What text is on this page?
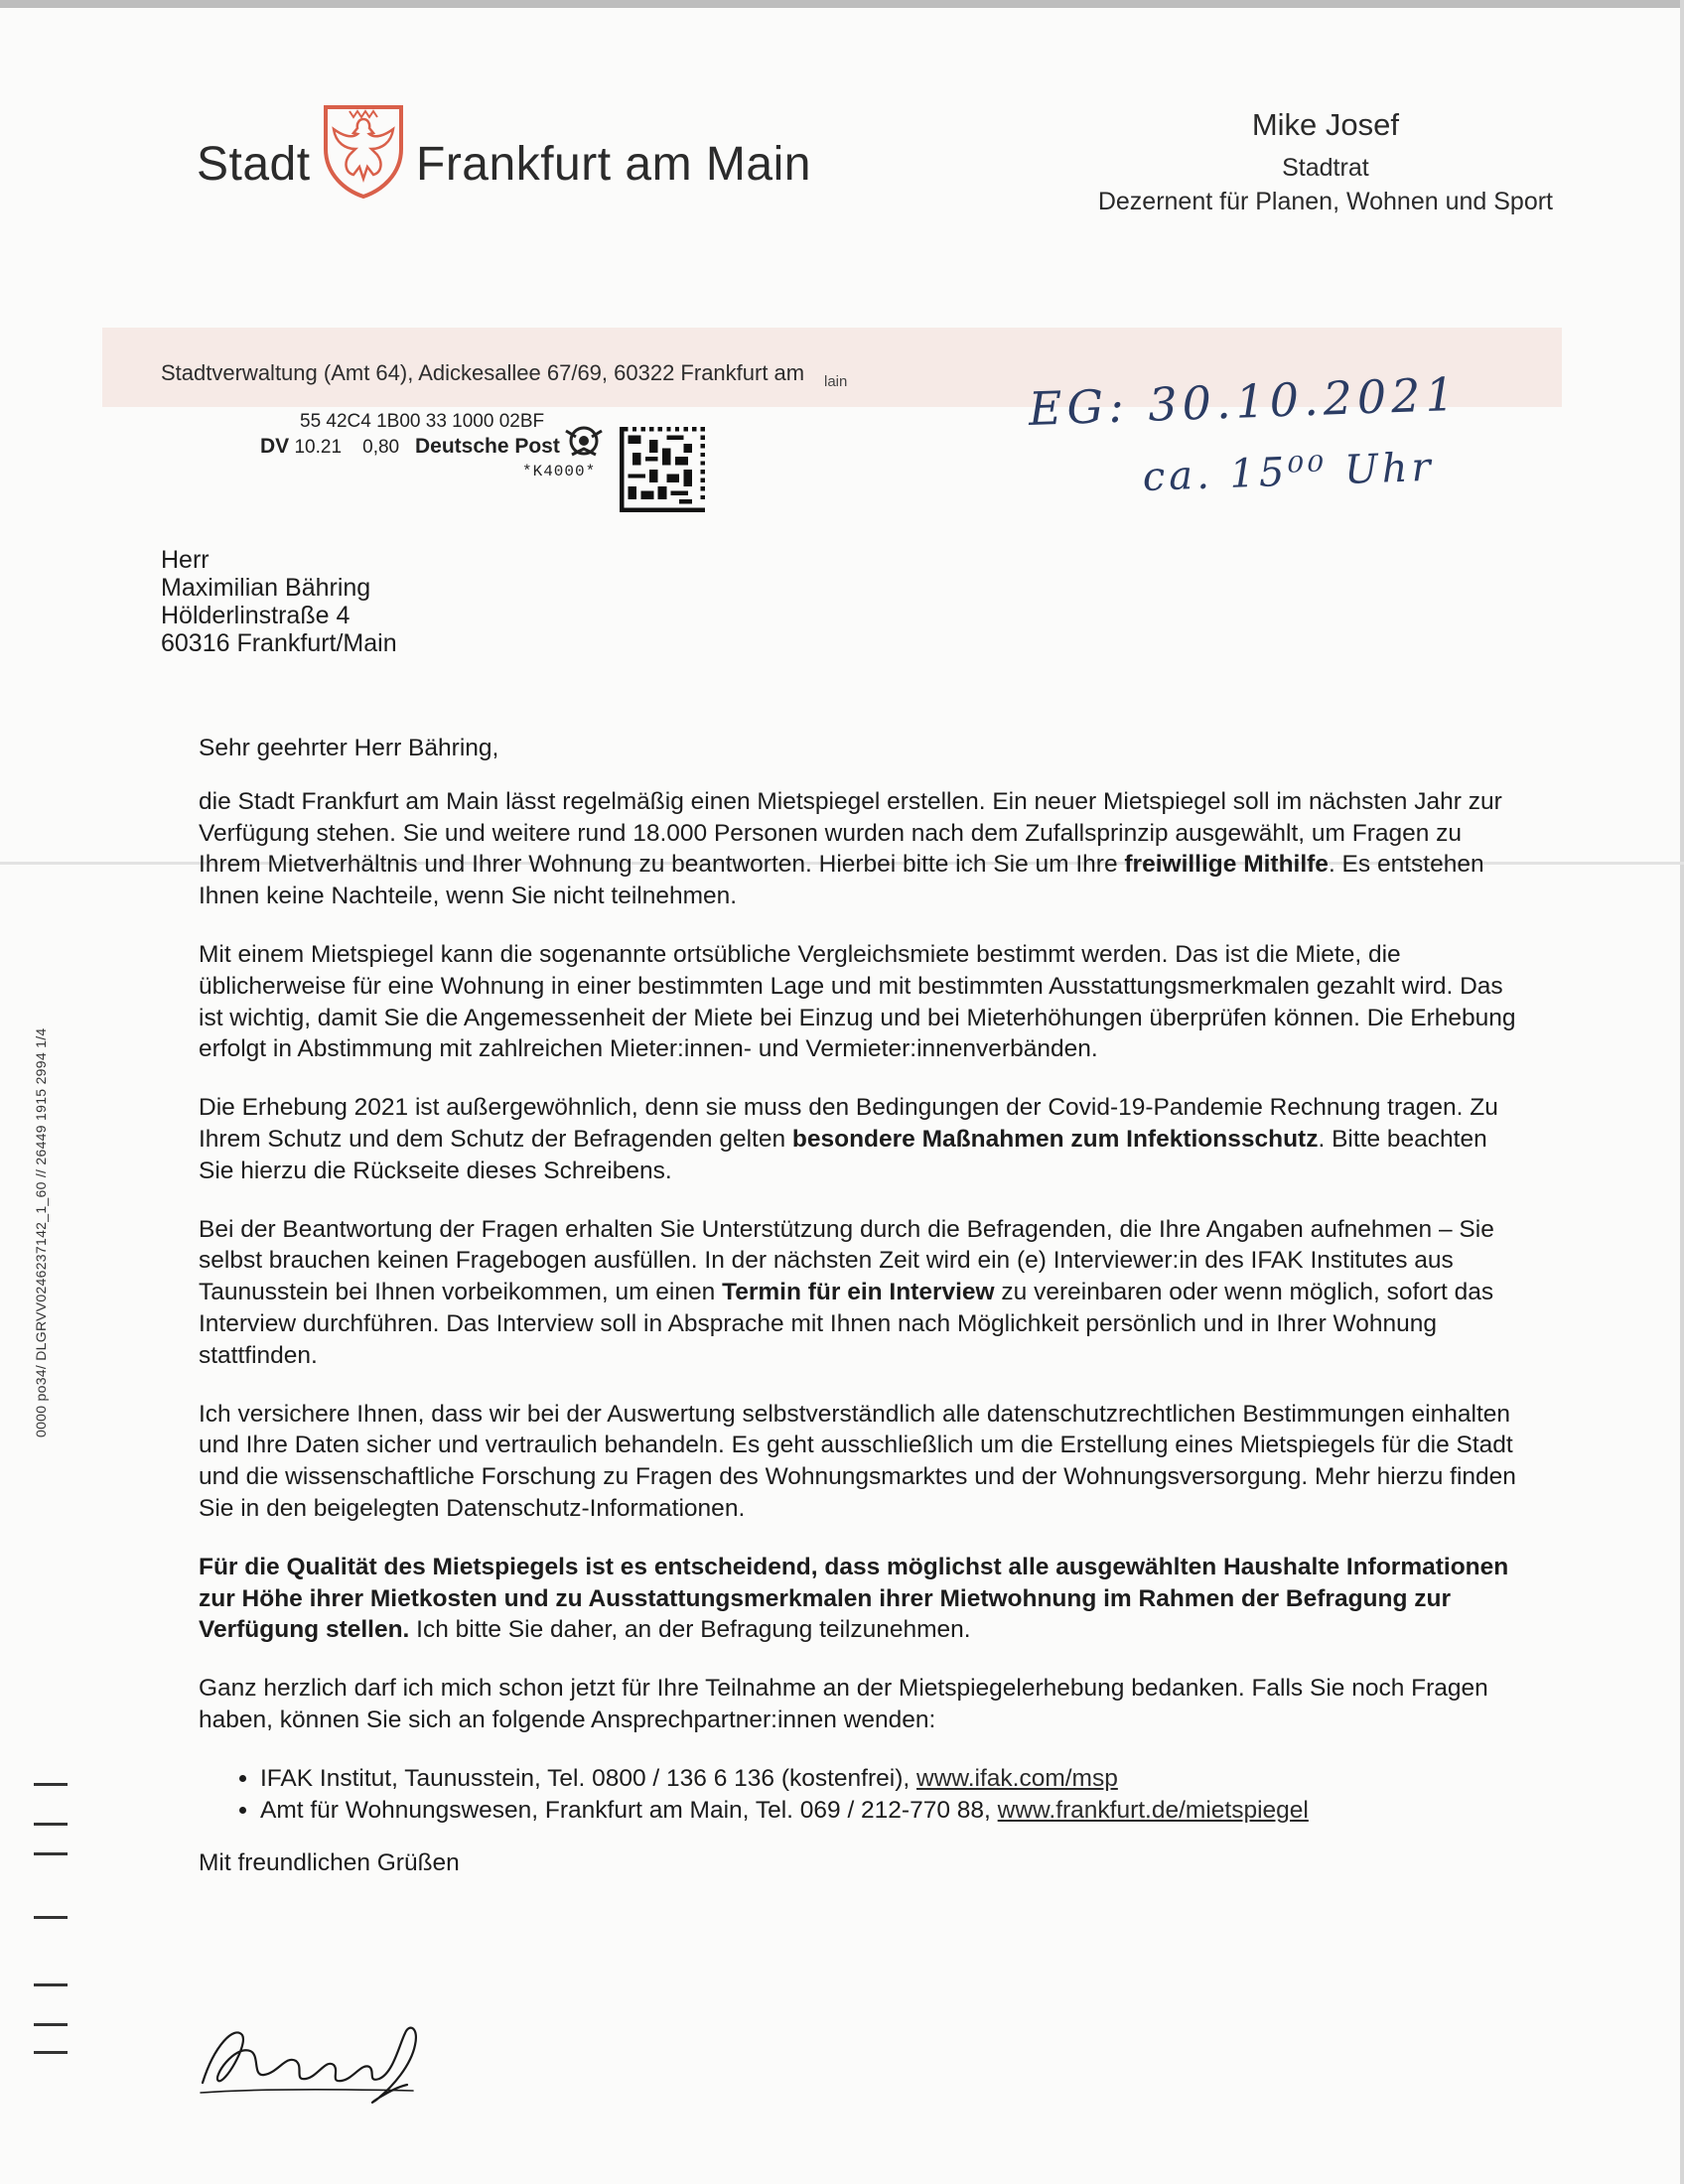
Stadt Frankfurt am Main
Mike Josef
Stadtrat
Dezernent für Planen, Wohnen und Sport
Stadtverwaltung (Amt 64), Adickesallee 67/69, 60322 Frankfurt am lain
55 42C4 1B00 33 1000 02BF
DV 10.21 0,80 Deutsche Post
*K4000*
EG: 30.10.2021
ca. 15⁰⁰ Uhr
Herr
Maximilian Bähring
Hölderlinstraße 4
60316 Frankfurt/Main

Sehr geehrter Herr Bähring,

die Stadt Frankfurt am Main lässt regelmäßig einen Mietspiegel erstellen. Ein neuer Mietspiegel soll im nächsten Jahr zur Verfügung stehen. Sie und weitere rund 18.000 Personen wurden nach dem Zufallsprinzip ausgewählt, um Fragen zu Ihrem Mietverhältnis und Ihrer Wohnung zu beantworten. Hierbei bitte ich Sie um Ihre freiwillige Mithilfe. Es entstehen Ihnen keine Nachteile, wenn Sie nicht teilnehmen.

Mit einem Mietspiegel kann die sogenannte ortsübliche Vergleichsmiete bestimmt werden. Das ist die Miete, die üblicherweise für eine Wohnung in einer bestimmten Lage und mit bestimmten Ausstattungsmerkmalen gezahlt wird. Das ist wichtig, damit Sie die Angemessenheit der Miete bei Einzug und bei Mieterhöhungen überprüfen können. Die Erhebung erfolgt in Abstimmung mit zahlreichen Mieter:innen- und Vermieter:innenverbänden.

Die Erhebung 2021 ist außergewöhnlich, denn sie muss den Bedingungen der Covid-19-Pandemie Rechnung tragen. Zu Ihrem Schutz und dem Schutz der Befragenden gelten besondere Maßnahmen zum Infektionsschutz. Bitte beachten Sie hierzu die Rückseite dieses Schreibens.

Bei der Beantwortung der Fragen erhalten Sie Unterstützung durch die Befragenden, die Ihre Angaben aufnehmen – Sie selbst brauchen keinen Fragebogen ausfüllen. In der nächsten Zeit wird ein (e) Interviewer:in des IFAK Institutes aus Taunusstein bei Ihnen vorbeikommen, um einen Termin für ein Interview zu vereinbaren oder wenn möglich, sofort das Interview durchführen. Das Interview soll in Absprache mit Ihnen nach Möglichkeit persönlich und in Ihrer Wohnung stattfinden.

Ich versichere Ihnen, dass wir bei der Auswertung selbstverständlich alle datenschutzrechtlichen Bestimmungen einhalten und Ihre Daten sicher und vertraulich behandeln. Es geht ausschließlich um die Erstellung eines Mietspiegels für die Stadt und die wissenschaftliche Forschung zu Fragen des Wohnungsmarktes und der Wohnungsversorgung. Mehr hierzu finden Sie in den beigelegten Datenschutz-Informationen.

Für die Qualität des Mietspiegels ist es entscheidend, dass möglichst alle ausgewählten Haushalte Informationen zur Höhe ihrer Mietkosten und zu Ausstattungsmerkmalen ihrer Mietwohnung im Rahmen der Befragung zur Verfügung stellen. Ich bitte Sie daher, an der Befragung teilzunehmen.

Ganz herzlich darf ich mich schon jetzt für Ihre Teilnahme an der Mietspiegelerhebung bedanken. Falls Sie noch Fragen haben, können Sie sich an folgende Ansprechpartner:innen wenden:

• IFAK Institut, Taunusstein, Tel. 0800 / 136 6 136 (kostenfrei), www.ifak.com/msp
• Amt für Wohnungswesen, Frankfurt am Main, Tel. 069 / 212-770 88, www.frankfurt.de/mietspiegel

Mit freundlichen Grüßen

0000 po34/ DLGRVV0246237142_1_60 // 26449 1915 2994 1/4
